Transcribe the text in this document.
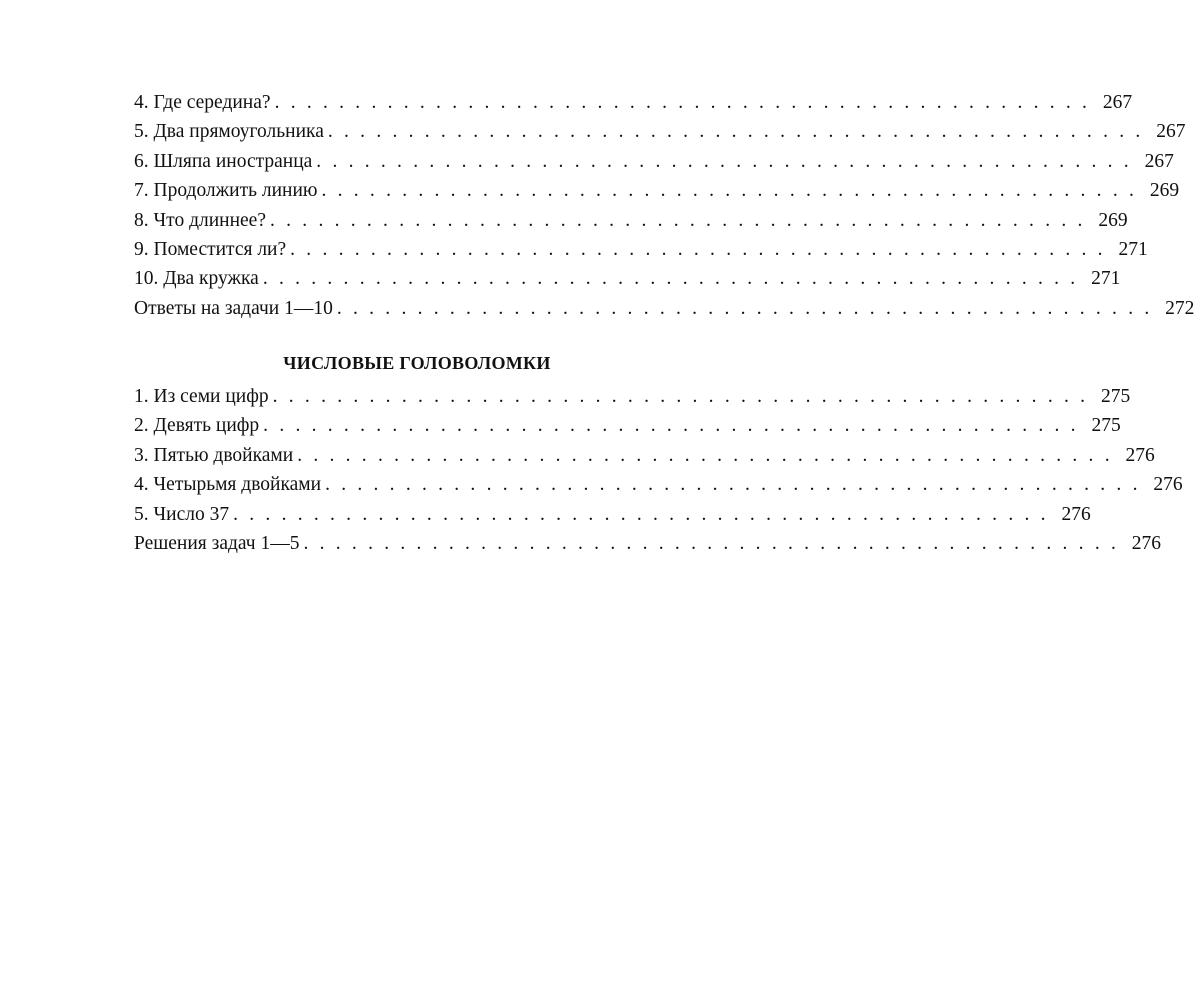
4. Где середина? . . . . . . . . . . . . . . . . . . . . . . . . . . . . . . . . . . . . . . . . . . . . . . . . . . . 267
5. Два прямоугольника . . . . . . . . . . . . . . . . . . . . . . . . . . . . . . . . . . . . . . . . . . . . . . . . . . . 267
6. Шляпа иностранца . . . . . . . . . . . . . . . . . . . . . . . . . . . . . . . . . . . . . . . . . . . . . . . . . . . 267
7. Продолжить линию . . . . . . . . . . . . . . . . . . . . . . . . . . . . . . . . . . . . . . . . . . . . . . . . . . . 269
8. Что длиннее? . . . . . . . . . . . . . . . . . . . . . . . . . . . . . . . . . . . . . . . . . . . . . . . . . . . 269
9. Поместится ли? . . . . . . . . . . . . . . . . . . . . . . . . . . . . . . . . . . . . . . . . . . . . . . . . . . . 271
10. Два кружка . . . . . . . . . . . . . . . . . . . . . . . . . . . . . . . . . . . . . . . . . . . . . . . . . . . 271
Ответы на задачи 1—10 . . . . . . . . . . . . . . . . . . . . . . . . . . . . . . . . . . . . . . . . . . . . . . . . . . . 272
ЧИСЛОВЫЕ ГОЛОВОЛОМКИ
1. Из семи цифр . . . . . . . . . . . . . . . . . . . . . . . . . . . . . . . . . . . . . . . . . . . . . . . . . . . 275
2. Девять цифр . . . . . . . . . . . . . . . . . . . . . . . . . . . . . . . . . . . . . . . . . . . . . . . . . . . 275
3. Пятью двойками . . . . . . . . . . . . . . . . . . . . . . . . . . . . . . . . . . . . . . . . . . . . . . . . . . . 276
4. Четырьмя двойками . . . . . . . . . . . . . . . . . . . . . . . . . . . . . . . . . . . . . . . . . . . . . . . . . . . 276
5. Число 37 . . . . . . . . . . . . . . . . . . . . . . . . . . . . . . . . . . . . . . . . . . . . . . . . . . . 276
Решения задач 1—5 . . . . . . . . . . . . . . . . . . . . . . . . . . . . . . . . . . . . . . . . . . . . . . . . . . . 276
